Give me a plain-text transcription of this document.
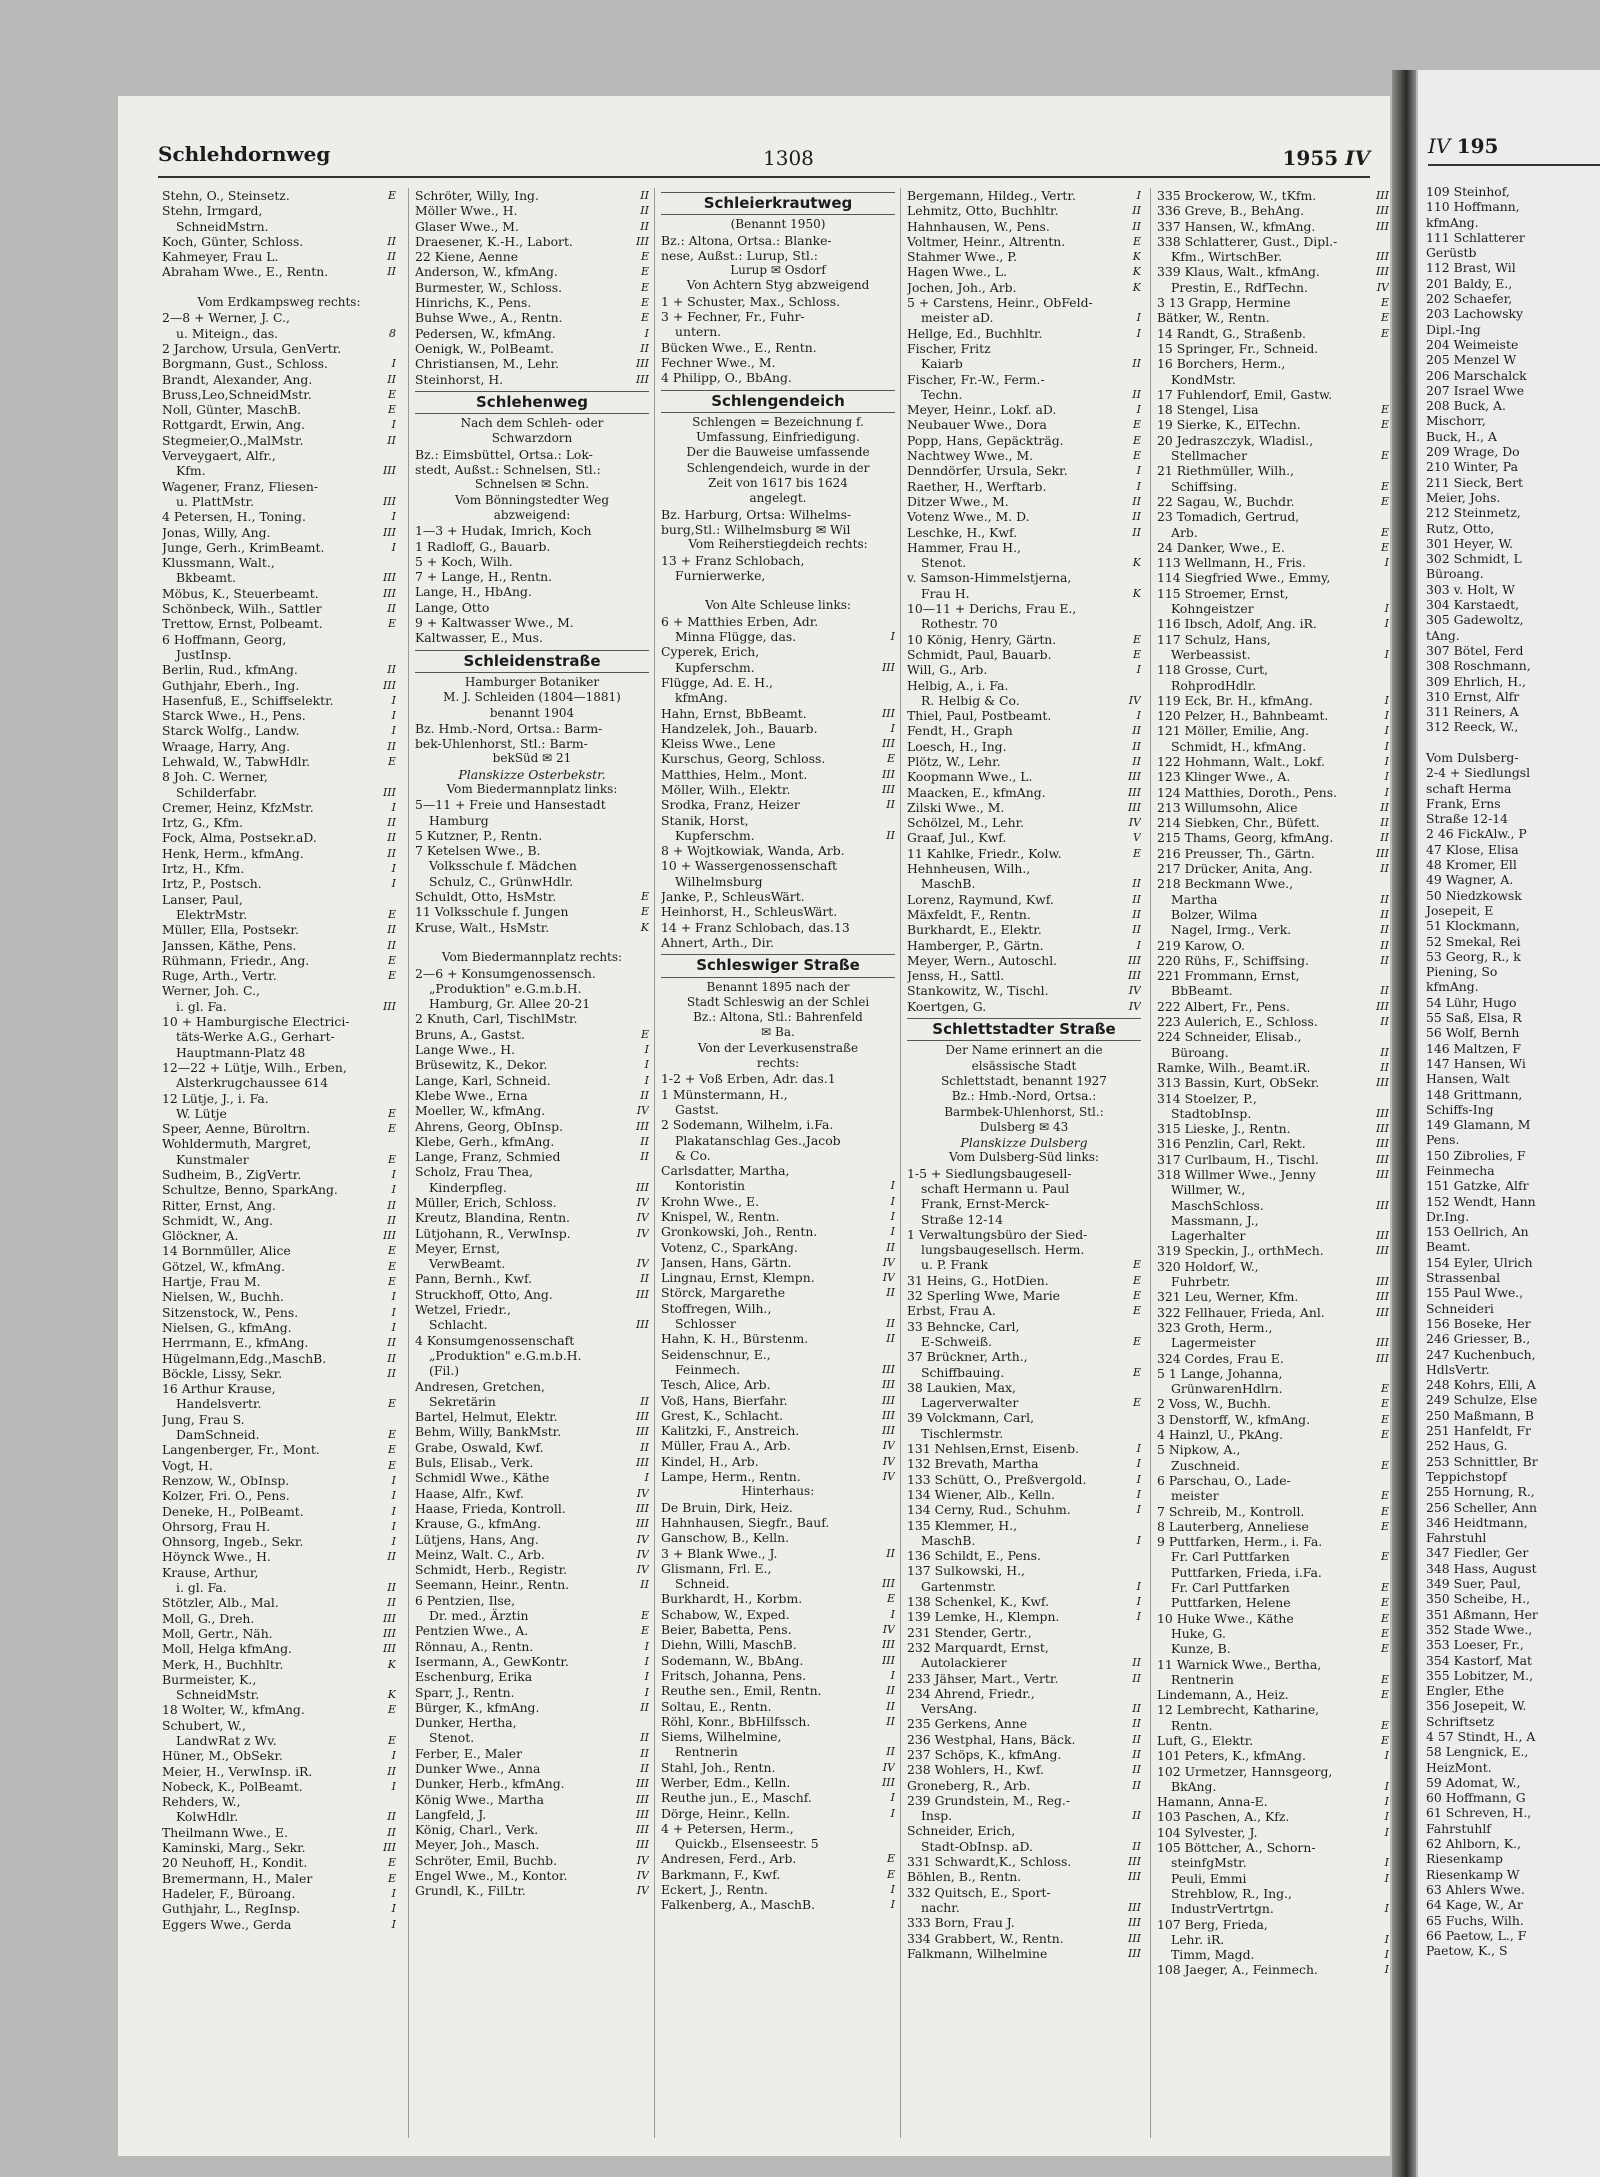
Schlehdornweg	1308	1955 IV
E
Stehn, O., Steinsetz.
Stehn, Irmgard,
SchneidMstrn.
II
Koch, Günter, Schloss.
II
Kahmeyer, Frau L.
II
Abraham Wwe., E., Rentn.

Vom Erdkampsweg rechts:
2—8 + Werner, J. C.,
8
u. Miteign., das.
2 Jarchow, Ursula, GenVertr.
I
Borgmann, Gust., Schloss.
II
Brandt, Alexander, Ang.
E
Bruss,Leo,SchneidMstr.
E
Noll, Günter, MaschB.
I
Rottgardt, Erwin, Ang.
II
Stegmeier,O.,MalMstr.
Verveygaert, Alfr.,
III
Kfm.
Wagener, Franz, Fliesen-
III
u. PlattMstr.
I
4 Petersen, H., Toning.
III
Jonas, Willy, Ang.
I
Junge, Gerh., KrimBeamt.
Klussmann, Walt.,
III
Bkbeamt.
III
Möbus, K., Steuerbeamt.
II
Schönbeck, Wilh., Sattler
E
Trettow, Ernst, Polbeamt.
6 Hoffmann, Georg,
JustInsp.
II
Berlin, Rud., kfmAng.
III
Guthjahr, Eberh., Ing.
I
Hasenfuß, E., Schiffselektr.
I
Starck Wwe., H., Pens.
I
Starck Wolfg., Landw.
II
Wraage, Harry, Ang.
E
Lehwald, W., TabwHdlr.
8 Joh. C. Werner,
III
Schilderfabr.
I
Cremer, Heinz, KfzMstr.
II
Irtz, G., Kfm.
II
Fock, Alma, Postsekr.aD.
II
Henk, Herm., kfmAng.
I
Irtz, H., Kfm.
I
Irtz, P., Postsch.
Lanser, Paul,
E
ElektrMstr.
II
Müller, Ella, Postsekr.
II
Janssen, Käthe, Pens.
E
Rühmann, Friedr., Ang.
E
Ruge, Arth., Vertr.
Werner, Joh. C.,
III
i. gl. Fa.
10 + Hamburgische Electrici-
täts-Werke A.G., Gerhart-
Hauptmann-Platz 48
12—22 + Lütje, Wilh., Erben,
Alsterkrugchaussee 614
12 Lütje, J., i. Fa.
E
W. Lütje
E
Speer, Aenne, Büroltrn.
Wohldermuth, Margret,
E
Kunstmaler
I
Sudheim, B., ZigVertr.
I
Schultze, Benno, SparkAng.
II
Ritter, Ernst, Ang.
II
Schmidt, W., Ang.
III
Glöckner, A.
E
14 Bornmüller, Alice
E
Götzel, W., kfmAng.
E
Hartje, Frau M.
I
Nielsen, W., Buchh.
I
Sitzenstock, W., Pens.
I
Nielsen, G., kfmAng.
II
Herrmann, E., kfmAng.
II
Hügelmann,Edg.,MaschB.
II
Böckle, Lissy, Sekr.
16 Arthur Krause,
E
Handelsvertr.
Jung, Frau S.
E
DamSchneid.
E
Langenberger, Fr., Mont.
E
Vogt, H.
I
Renzow, W., ObInsp.
I
Kolzer, Fri. O., Pens.
I
Deneke, H., PolBeamt.
I
Ohrsorg, Frau H.
I
Ohnsorg, Ingeb., Sekr.
II
Höynck Wwe., H.
Krause, Arthur,
II
i. gl. Fa.
II
Stötzler, Alb., Mal.
III
Moll, G., Dreh.
III
Moll, Gertr., Näh.
III
Moll, Helga kfmAng.
K
Merk, H., Buchhltr.
Burmeister, K.,
K
SchneidMstr.
E
18 Wolter, W., kfmAng.
Schubert, W.,
E
LandwRat z Wv.
I
Hüner, M., ObSekr.
II
Meier, H., VerwInsp. iR.
I
Nobeck, K., PolBeamt.
Rehders, W.,
II
KolwHdlr.
II
Theilmann Wwe., E.
III
Kaminski, Marg., Sekr.
E
20 Neuhoff, H., Kondit.
E
Bremermann, H., Maler
I
Hadeler, F., Büroang.
I
Guthjahr, L., RegInsp.
I
Eggers Wwe., Gerda
II
Schröter, Willy, Ing.
II
Möller Wwe., H.
II
Glaser Wwe., M.
III
Draesener, K.-H., Labort.
E
22 Kiene, Aenne
E
Anderson, W., kfmAng.
E
Burmester, W., Schloss.
E
Hinrichs, K., Pens.
E
Buhse Wwe., A., Rentn.
I
Pedersen, W., kfmAng.
II
Oenigk, W., PolBeamt.
III
Christiansen, M., Lehr.
III
Steinhorst, H.
Schlehenweg
Nach dem Schleh- oder
Schwarzdorn
Bz.: Eimsbüttel, Ortsa.: Lok-
stedt, Außst.: Schnelsen, Stl.:
Schnelsen ✉ Schn.
Vom Bönningstedter Weg
abzweigend:
1—3 + Hudak, Imrich, Koch
1 Radloff, G., Bauarb.
5 + Koch, Wilh.
7 + Lange, H., Rentn.
Lange, H., HbAng.
Lange, Otto
9 + Kaltwasser Wwe., M.
Kaltwasser, E., Mus.
Schleidenstraße
Hamburger Botaniker
M. J. Schleiden (1804—1881)
benannt 1904
Bz. Hmb.-Nord, Ortsa.: Barm-
bek-Uhlenhorst, Stl.: Barm-
bekSüd ✉ 21
Planskizze Osterbekstr.
Vom Biedermannplatz links:
5—11 + Freie und Hansestadt
Hamburg
5 Kutzner, P., Rentn.
7 Ketelsen Wwe., B.
Volksschule f. Mädchen
Schulz, C., GrünwHdlr.
E
Schuldt, Otto, HsMstr.
E
11 Volksschule f. Jungen
K
Kruse, Walt., HsMstr.

Vom Biedermannplatz rechts:
2—6 + Konsumgenossensch.
„Produktion" e.G.m.b.H.
Hamburg, Gr. Allee 20-21
2 Knuth, Carl, TischlMstr.
E
Bruns, A., Gastst.
I
Lange Wwe., H.
I
Brüsewitz, K., Dekor.
I
Lange, Karl, Schneid.
II
Klebe Wwe., Erna
IV
Moeller, W., kfmAng.
III
Ahrens, Georg, ObInsp.
II
Klebe, Gerh., kfmAng.
II
Lange, Franz, Schmied
Scholz, Frau Thea,
III
Kinderpfleg.
IV
Müller, Erich, Schloss.
IV
Kreutz, Blandina, Rentn.
IV
Lütjohann, R., VerwInsp.
Meyer, Ernst,
IV
VerwBeamt.
II
Pann, Bernh., Kwf.
III
Struckhoff, Otto, Ang.
Wetzel, Friedr.,
III
Schlacht.
4 Konsumgenossenschaft
„Produktion" e.G.m.b.H.
(Fil.)
Andresen, Gretchen,
II
Sekretärin
III
Bartel, Helmut, Elektr.
III
Behm, Willy, BankMstr.
II
Grabe, Oswald, Kwf.
III
Buls, Elisab., Verk.
I
Schmidl Wwe., Käthe
IV
Haase, Alfr., Kwf.
III
Haase, Frieda, Kontroll.
III
Krause, G., kfmAng.
IV
Lütjens, Hans, Ang.
IV
Meinz, Walt. C., Arb.
IV
Schmidt, Herb., Registr.
II
Seemann, Heinr., Rentn.
6 Pentzien, Ilse,
E
Dr. med., Ärztin
E
Pentzien Wwe., A.
I
Rönnau, A., Rentn.
I
Isermann, A., GewKontr.
I
Eschenburg, Erika
I
Sparr, J., Rentn.
II
Bürger, K., kfmAng.
Dunker, Hertha,
II
Stenot.
II
Ferber, E., Maler
II
Dunker Wwe., Anna
III
Dunker, Herb., kfmAng.
III
König Wwe., Martha
III
Langfeld, J.
III
König, Charl., Verk.
III
Meyer, Joh., Masch.
IV
Schröter, Emil, Buchb.
IV
Engel Wwe., M., Kontor.
IV
Grundl, K., FilLtr.
Schleierkrautweg
(Benannt 1950)
Bz.: Altona, Ortsa.: Blanke-
nese, Außst.: Lurup, Stl.:
Lurup ✉ Osdorf
Von Achtern Styg abzweigend
1 + Schuster, Max., Schloss.
3 + Fechner, Fr., Fuhr-
untern.
Bücken Wwe., E., Rentn.
Fechner Wwe., M.
4 Philipp, O., BbAng.
Schlengendeich
Schlengen = Bezeichnung f.
Umfassung, Einfriedigung.
Der die Bauweise umfassende
Schlengendeich, wurde in der
Zeit von 1617 bis 1624
angelegt.
Bz. Harburg, Ortsa: Wilhelms-
burg,Stl.: Wilhelmsburg ✉ Wil
Vom Reiherstiegdeich rechts:
13 + Franz Schlobach,
Furnierwerke,

Von Alte Schleuse links:
6 + Matthies Erben, Adr.
I
Minna Flügge, das.
Cyperek, Erich,
III
Kupferschm.
Flügge, Ad. E. H.,
kfmAng.
III
Hahn, Ernst, BbBeamt.
I
Handzelek, Joh., Bauarb.
III
Kleiss Wwe., Lene
E
Kurschus, Georg, Schloss.
III
Matthies, Helm., Mont.
III
Möller, Wilh., Elektr.
II
Srodka, Franz, Heizer
Stanik, Horst,
II
Kupferschm.
8 + Wojtkowiak, Wanda, Arb.
10 + Wassergenossenschaft
Wilhelmsburg
Janke, P., SchleusWärt.
Heinhorst, H., SchleusWärt.
14 + Franz Schlobach, das.13
Ahnert, Arth., Dir.
Schleswiger Straße
Benannt 1895 nach der
Stadt Schleswig an der Schlei
Bz.: Altona, Stl.: Bahrenfeld
✉ Ba.
Von der Leverkusenstraße
rechts:
1-2 + Voß Erben, Adr. das.1
1 Münstermann, H.,
Gastst.
2 Sodemann, Wilhelm, i.Fa.
Plakatanschlag Ges.,Jacob
& Co.
Carlsdatter, Martha,
I
Kontoristin
I
Krohn Wwe., E.
I
Knispel, W., Rentn.
I
Gronkowski, Joh., Rentn.
II
Votenz, C., SparkAng.
IV
Jansen, Hans, Gärtn.
IV
Lingnau, Ernst, Klempn.
II
Störck, Margarethe
Stoffregen, Wilh.,
II
Schlosser
II
Hahn, K. H., Bürstenm.
Seidenschnur, E.,
III
Feinmech.
III
Tesch, Alice, Arb.
III
Voß, Hans, Bierfahr.
III
Grest, K., Schlacht.
III
Kalitzki, F., Anstreich.
IV
Müller, Frau A., Arb.
IV
Kindel, H., Arb.
IV
Lampe, Herm., Rentn.
Hinterhaus:
De Bruin, Dirk, Heiz.
Hahnhausen, Siegfr., Bauf.
Ganschow, B., Kelln.
II
3 + Blank Wwe., J.
Glismann, Frl. E.,
III
Schneid.
E
Burkhardt, H., Korbm.
I
Schabow, W., Exped.
IV
Beier, Babetta, Pens.
III
Diehn, Willi, MaschB.
III
Sodemann, W., BbAng.
I
Fritsch, Johanna, Pens.
II
Reuthe sen., Emil, Rentn.
II
Soltau, E., Rentn.
II
Röhl, Konr., BbHilfssch.
Siems, Wilhelmine,
II
Rentnerin
IV
Stahl, Joh., Rentn.
III
Werber, Edm., Kelln.
I
Reuthe jun., E., Maschf.
I
Dörge, Heinr., Kelln.
4 + Petersen, Herm.,
Quickb., Elsenseestr. 5
E
Andresen, Ferd., Arb.
E
Barkmann, F., Kwf.
I
Eckert, J., Rentn.
I
Falkenberg, A., MaschB.
I
Bergemann, Hildeg., Vertr.
II
Lehmitz, Otto, Buchhltr.
II
Hahnhausen, W., Pens.
E
Voltmer, Heinr., Altrentn.
K
Stahmer Wwe., P.
K
Hagen Wwe., L.
K
Jochen, Joh., Arb.
5 + Carstens, Heinr., ObFeld-
I
meister aD.
I
Hellge, Ed., Buchhltr.
Fischer, Fritz
II
Kaiarb
Fischer, Fr.-W., Ferm.-
II
Techn.
I
Meyer, Heinr., Lokf. aD.
E
Neubauer Wwe., Dora
E
Popp, Hans, Gepäckträg.
E
Nachtwey Wwe., M.
I
Denndörfer, Ursula, Sekr.
I
Raether, H., Werftarb.
II
Ditzer Wwe., M.
II
Votenz Wwe., M. D.
II
Leschke, H., Kwf.
Hammer, Frau H.,
K
Stenot.
v. Samson-Himmelstjerna,
K
Frau H.
10—11 + Derichs, Frau E.,
Rothestr. 70
E
10 König, Henry, Gärtn.
E
Schmidt, Paul, Bauarb.
I
Will, G., Arb.
Helbig, A., i. Fa.
IV
R. Helbig & Co.
I
Thiel, Paul, Postbeamt.
II
Fendt, H., Graph
II
Loesch, H., Ing.
II
Plötz, W., Lehr.
III
Koopmann Wwe., L.
III
Maacken, E., kfmAng.
III
Zilski Wwe., M.
IV
Schölzel, M., Lehr.
V
Graaf, Jul., Kwf.
E
11 Kahlke, Friedr., Kolw.
Hehnheusen, Wilh.,
II
MaschB.
II
Lorenz, Raymund, Kwf.
II
Mäxfeldt, F., Rentn.
II
Burkhardt, E., Elektr.
I
Hamberger, P., Gärtn.
III
Meyer, Wern., Autoschl.
III
Jenss, H., Sattl.
IV
Stankowitz, W., Tischl.
IV
Koertgen, G.
Schlettstadter Straße
Der Name erinnert an die
elsässische Stadt
Schlettstadt, benannt 1927
Bz.: Hmb.-Nord, Ortsa.:
Barmbek-Uhlenhorst, Stl.:
Dulsberg ✉ 43
Planskizze Dulsberg
Vom Dulsberg-Süd links:
1-5 + Siedlungsbaugesell-
schaft Hermann u. Paul
Frank, Ernst-Merck-
Straße 12-14
1 Verwaltungsbüro der Sied-
lungsbaugesellsch. Herm.
E
u. P. Frank
E
31 Heins, G., HotDien.
E
32 Sperling Wwe, Marie
E
Erbst, Frau A.
33 Behncke, Carl,
E
E-Schweiß.
37 Brückner, Arth.,
E
Schiffbauing.
38 Laukien, Max,
E
Lagerverwalter
39 Volckmann, Carl,
Tischlermstr.
I
131 Nehlsen,Ernst, Eisenb.
I
132 Brevath, Martha
I
133 Schütt, O., Preßvergold.
I
134 Wiener, Alb., Kelln.
I
134 Cerny, Rud., Schuhm.
135 Klemmer, H.,
I
MaschB.
136 Schildt, E., Pens.
137 Sulkowski, H.,
I
Gartenmstr.
I
138 Schenkel, K., Kwf.
I
139 Lemke, H., Klempn.
231 Stender, Gertr.,
232 Marquardt, Ernst,
II
Autolackierer
II
233 Jähser, Mart., Vertr.
234 Ahrend, Friedr.,
II
VersAng.
II
235 Gerkens, Anne
II
236 Westphal, Hans, Bäck.
II
237 Schöps, K., kfmAng.
II
238 Wohlers, H., Kwf.
II
Groneberg, R., Arb.
239 Grundstein, M., Reg.-
II
Insp.
Schneider, Erich,
II
Stadt-ObInsp. aD.
III
331 Schwardt,K., Schloss.
III
Böhlen, B., Rentn.
332 Quitsch, E., Sport-
III
nachr.
III
333 Born, Frau J.
III
334 Grabbert, W., Rentn.
III
Falkmann, Wilhelmine
III
335 Brockerow, W., tKfm.
III
336 Greve, B., BehAng.
III
337 Hansen, W., kfmAng.
338 Schlatterer, Gust., Dipl.-
III
Kfm., WirtschBer.
III
339 Klaus, Walt., kfmAng.
IV
Prestin, E., RdfTechn.
E
3 13 Grapp, Hermine
E
Bätker, W., Rentn.
E
14 Randt, G., Straßenb.
15 Springer, Fr., Schneid.
16 Borchers, Herm.,
KondMstr.
17 Fuhlendorf, Emil, Gastw.
E
18 Stengel, Lisa
E
19 Sierke, K., ElTechn.
20 Jedraszczyk, Wladisl.,
E
Stellmacher
21 Riethmüller, Wilh.,
E
Schiffsing.
E
22 Sagau, W., Buchdr.
23 Tomadich, Gertrud,
E
Arb.
E
24 Danker, Wwe., E.
I
113 Wellmann, H., Fris.
114 Siegfried Wwe., Emmy,
115 Stroemer, Ernst,
I
Kohngeistzer
I
116 Ibsch, Adolf, Ang. iR.
117 Schulz, Hans,
I
Werbeassist.
118 Grosse, Curt,
RohprodHdlr.
I
119 Eck, Br. H., kfmAng.
I
120 Pelzer, H., Bahnbeamt.
I
121 Möller, Emilie, Ang.
I
Schmidt, H., kfmAng.
I
122 Hohmann, Walt., Lokf.
I
123 Klinger Wwe., A.
I
124 Matthies, Doroth., Pens.
II
213 Willumsohn, Alice
II
214 Siebken, Chr., Büfett.
II
215 Thams, Georg, kfmAng.
III
216 Preusser, Th., Gärtn.
II
217 Drücker, Anita, Ang.
218 Beckmann Wwe.,
II
Martha
II
Bolzer, Wilma
II
Nagel, Irmg., Verk.
II
219 Karow, O.
II
220 Rühs, F., Schiffsing.
221 Frommann, Ernst,
II
BbBeamt.
III
222 Albert, Fr., Pens.
II
223 Aulerich, E., Schloss.
224 Schneider, Elisab.,
II
Büroang.
II
Ramke, Wilh., Beamt.iR.
III
313 Bassin, Kurt, ObSekr.
314 Stoelzer, P.,
III
StadtobInsp.
III
315 Lieske, J., Rentn.
III
316 Penzlin, Carl, Rekt.
III
317 Curlbaum, H., Tischl.
III
318 Willmer Wwe., Jenny
Willmer, W.,
III
MaschSchloss.
Massmann, J.,
III
Lagerhalter
III
319 Speckin, J., orthMech.
320 Holdorf, W.,
III
Fuhrbetr.
III
321 Leu, Werner, Kfm.
III
322 Fellhauer, Frieda, Anl.
323 Groth, Herm.,
III
Lagermeister
III
324 Cordes, Frau E.
5 1 Lange, Johanna,
E
GrünwarenHdlrn.
E
2 Voss, W., Buchh.
E
3 Denstorff, W., kfmAng.
E
4 Hainzl, U., PkAng.
5 Nipkow, A.,
E
Zuschneid.
6 Parschau, O., Lade-
E
meister
E
7 Schreib, M., Kontroll.
E
8 Lauterberg, Anneliese
9 Puttfarken, Herm., i. Fa.
E
Fr. Carl Puttfarken
Puttfarken, Frieda, i.Fa.
E
Fr. Carl Puttfarken
E
Puttfarken, Helene
E
10 Huke Wwe., Käthe
E
Huke, G.
E
Kunze, B.
11 Warnick Wwe., Bertha,
E
Rentnerin
E
Lindemann, A., Heiz.
12 Lembrecht, Katharine,
E
Rentn.
E
Luft, G., Elektr.
I
101 Peters, K., kfmAng.
102 Urmetzer, Hannsgeorg,
I
BkAng.
I
Hamann, Anna-E.
I
103 Paschen, A., Kfz.
I
104 Sylvester, J.
105 Böttcher, A., Schorn-
I
steinfgMstr.
I
Peuli, Emmi
Strehblow, R., Ing.,
I
IndustrVertrtgn.
107 Berg, Frieda,
I
Lehr. iR.
I
Timm, Magd.
I
108 Jaeger, A., Feinmech.
IV 195
109 Steinhof,
110 Hoffmann,
kfmAng.
111 Schlatterer
Gerüstb
112 Brast, Wil
201 Baldy, E.,
202 Schaefer,
203 Lachowsky
Dipl.-Ing
204 Weimeiste
205 Menzel W
206 Marschalck
207 Israel Wwe
208 Buck, A.
Mischorr,
Buck, H., A
209 Wrage, Do
210 Winter, Pa
211 Sieck, Bert
Meier, Johs.
212 Steinmetz,
Rutz, Otto,
301 Heyer, W.
302 Schmidt, L
Büroang.
303 v. Holt, W
304 Karstaedt,
305 Gadewoltz,
tAng.
307 Bötel, Ferd
308 Roschmann,
309 Ehrlich, H.,
310 Ernst, Alfr
311 Reiners, A
312 Reeck, W.,

Vom Dulsberg-
2-4 + Siedlungsl
schaft Herma
Frank, Erns
Straße 12-14
2 46 FickAlw., P
47 Klose, Elisa
48 Kromer, Ell
49 Wagner, A.
50 Niedzkowsk
Josepeit, E
51 Klockmann,
52 Smekal, Rei
53 Georg, R., k
Piening, So
kfmAng.
54 Lühr, Hugo
55 Saß, Elsa, R
56 Wolf, Bernh
146 Maltzen, F
147 Hansen, Wi
Hansen, Walt
148 Grittmann,
Schiffs-Ing
149 Glamann, M
Pens.
150 Zibrolies, F
Feinmecha
151 Gatzke, Alfr
152 Wendt, Hann
Dr.Ing.
153 Oellrich, An
Beamt.
154 Eyler, Ulrich
Strassenbal
155 Paul Wwe.,
Schneideri
156 Boseke, Her
246 Griesser, B.,
247 Kuchenbuch,
HdlsVertr.
248 Kohrs, Elli, A
249 Schulze, Else
250 Maßmann, B
251 Hanfeldt, Fr
252 Haus, G.
253 Schnittler, Br
Teppichstopf
255 Hornung, R.,
256 Scheller, Ann
346 Heidtmann,
Fahrstuhl
347 Fiedler, Ger
348 Hass, August
349 Suer, Paul,
350 Scheibe, H.,
351 Aßmann, Her
352 Stade Wwe.,
353 Loeser, Fr.,
354 Kastorf, Mat
355 Lobitzer, M.,
Engler, Ethe
356 Josepeit, W.
Schriftsetz
4 57 Stindt, H., A
58 Lengnick, E.,
HeizMont.
59 Adomat, W.,
60 Hoffmann, G
61 Schreven, H.,
Fahrstuhlf
62 Ahlborn, K.,
Riesenkamp
Riesenkamp W
63 Ahlers Wwe.
64 Kage, W., Ar
65 Fuchs, Wilh.
66 Paetow, L., F
Paetow, K., S
